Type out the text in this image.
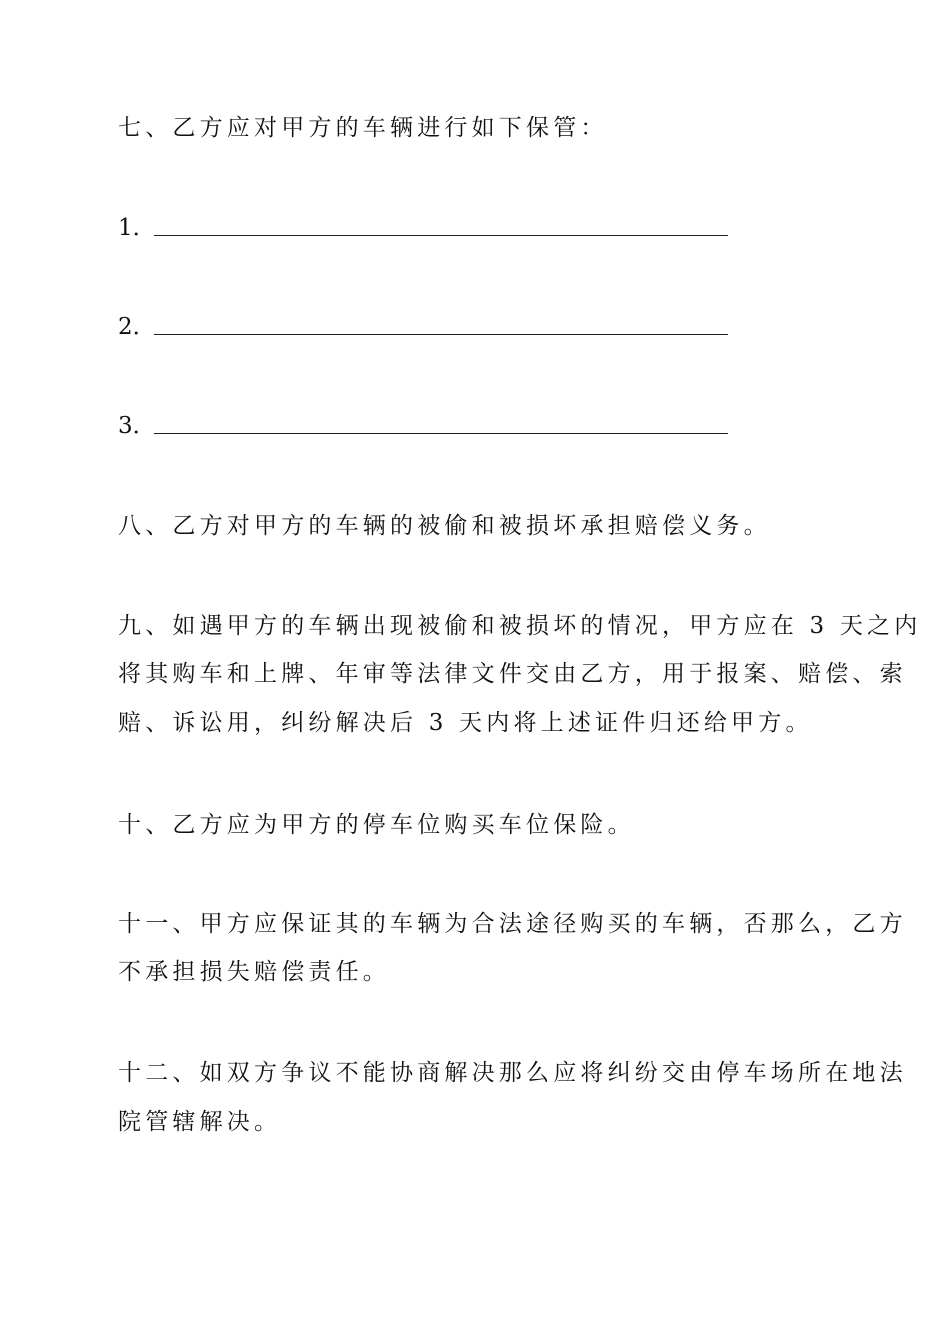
七、乙方应对甲方的车辆进行如下保管：
1．
2．
3．
八、乙方对甲方的车辆的被偷和被损坏承担赔偿义务。
九、如遇甲方的车辆出现被偷和被损坏的情况，甲方应在 3 天之内
将其购车和上牌、年审等法律文件交由乙方，用于报案、赔偿、索
赔、诉讼用，纠纷解决后 3 天内将上述证件归还给甲方。
十、乙方应为甲方的停车位购买车位保险。
十一、甲方应保证其的车辆为合法途径购买的车辆，否那么，乙方
不承担损失赔偿责任。
十二、如双方争议不能协商解决那么应将纠纷交由停车场所在地法
院管辖解决。
